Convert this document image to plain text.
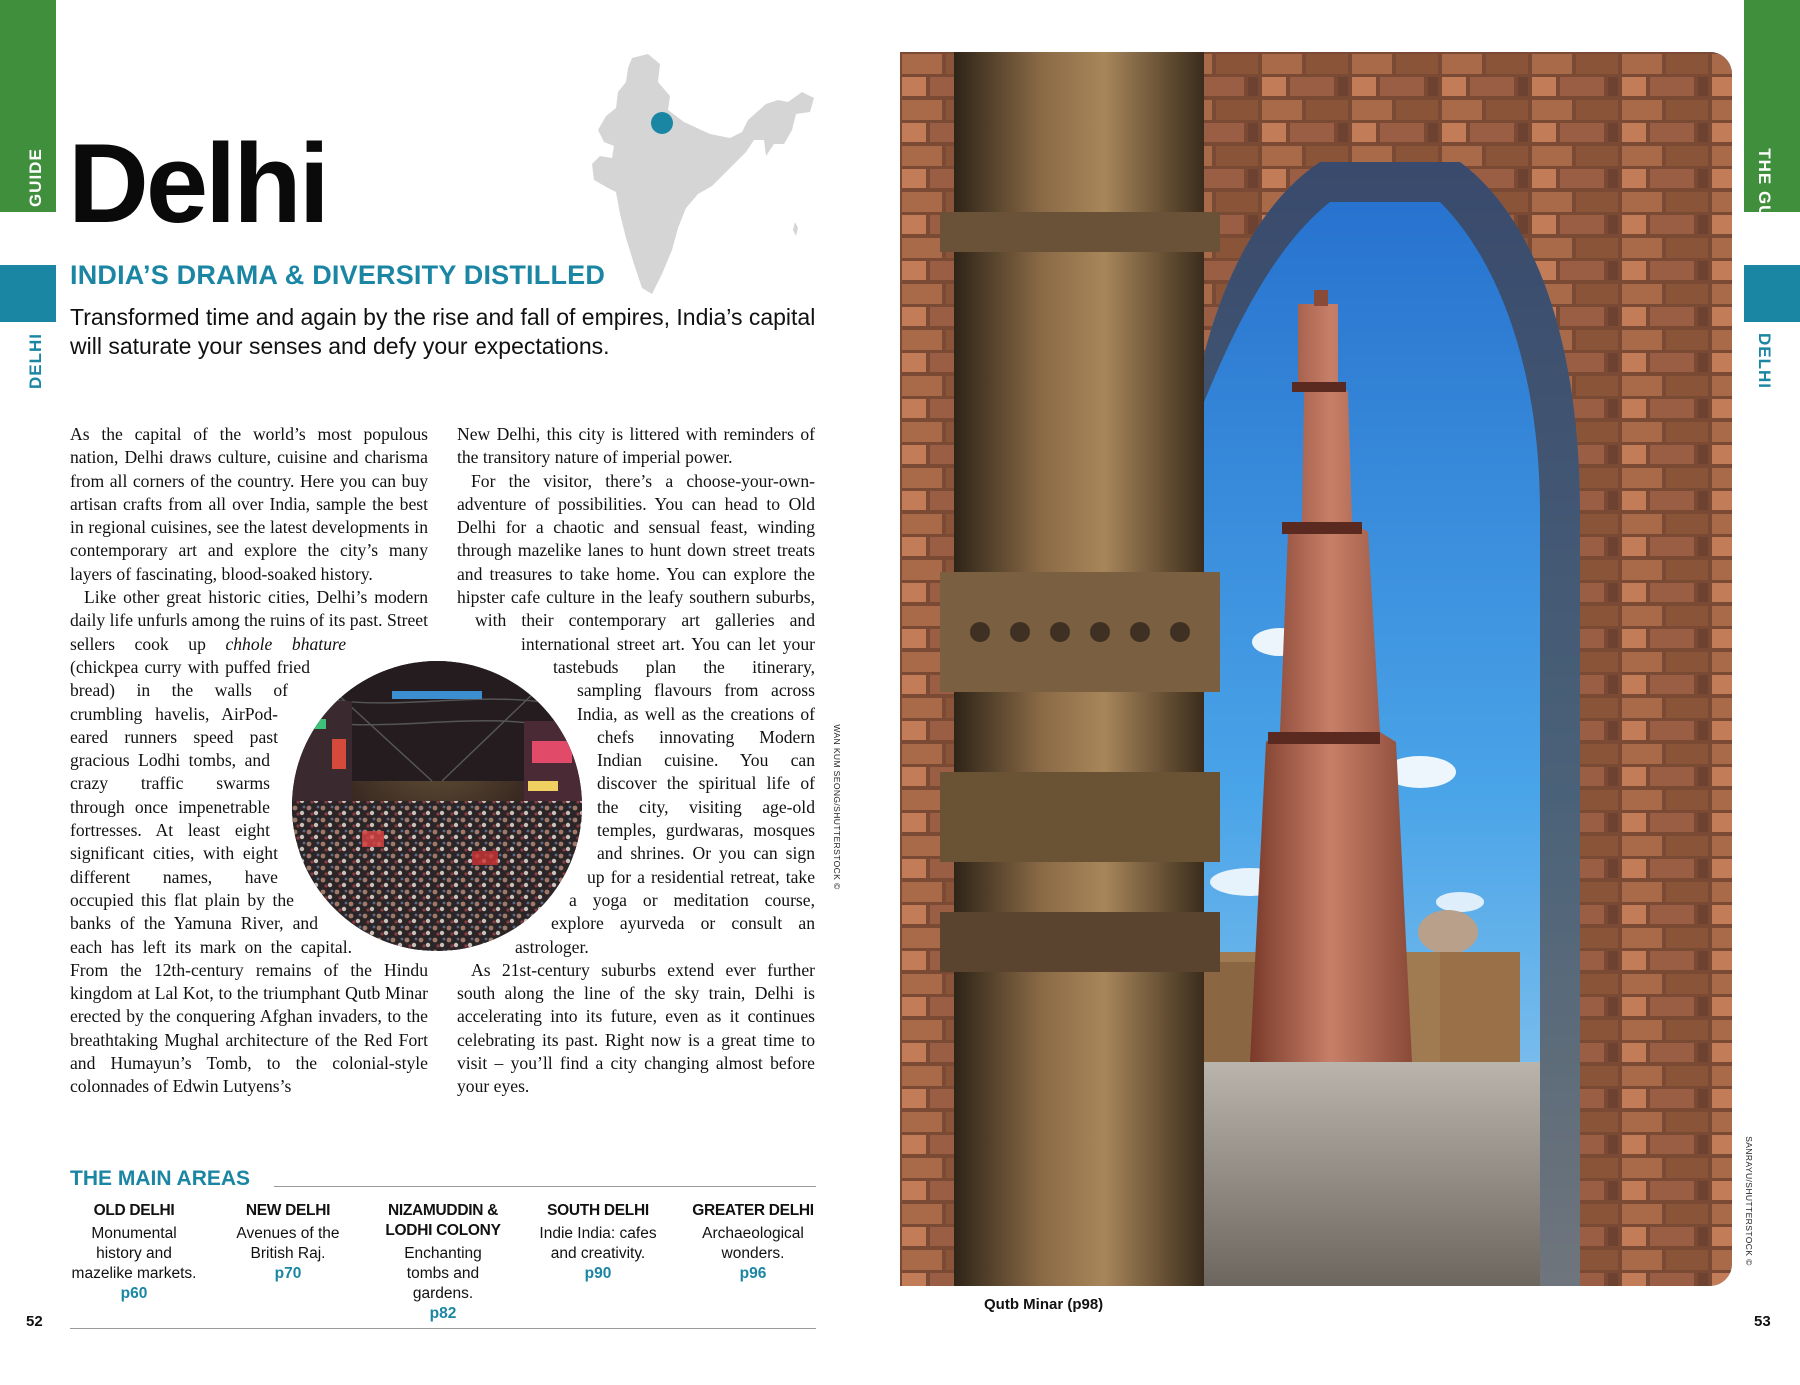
THE GUIDE
DELHI
THE GUIDE
DELHI
Delhi
INDIA’S DRAMA & DIVERSITY DISTILLED
Transformed time and again by the rise and fall of empires, India’s capital will saturate your senses and defy your expectations.
WAN KUM SEONG/SHUTTERSTOCK ©

As the capital of the world’s most populous nation, Delhi draws culture, cuisine and charisma from all corners of the country. Here you can buy artisan crafts from all over India, sample the best in regional cuisines, see the latest developments in contemporary art and explore the city’s many layers of fascinating, blood-soaked history.

Like other great historic cities, Delhi’s modern daily life unfurls among the ruins of its past. Street sellers cook up chhole bhature (chickpea curry with puffed fried bread) in the walls of crumbling havelis, AirPod-eared runners speed past gracious Lodhi tombs, and crazy traffic swarms through once impenetrable fortresses. At least eight significant cities, with eight different names, have occupied this flat plain by the banks of the Yamuna River, and each has left its mark on the capital. From the 12th-century remains of the Hindu kingdom at Lal Kot, to the triumphant Qutb Minar erected by the conquering Afghan invaders, to the breathtaking Mughal architecture of the Red Fort and Humayun’s Tomb, to the colonial-style colonnades of Edwin Lutyens’s

New Delhi, this city is littered with reminders of the transitory nature of imperial power.

For the visitor, there’s a choose-your-own-adventure of possibilities. You can head to Old Delhi for a chaotic and sensual feast, winding through mazelike lanes to hunt down street treats and treasures to take home. You can explore the hipster cafe culture in the leafy southern suburbs, with their contemporary art galleries and international street art. You can let your tastebuds plan the itinerary, sampling flavours from across India, as well as the creations of chefs innovating Modern Indian cuisine. You can discover the spiritual life of the city, visiting age-old temples, gurdwaras, mosques and shrines. Or you can sign up for a residential retreat, take a yoga or meditation course, explore ayurveda or consult an astrologer.

As 21st-century suburbs extend ever further south along the line of the sky train, Delhi is accelerating into its future, even as it continues celebrating its past. Right now is a great time to visit – you’ll find a city changing almost before your eyes.

THE MAIN AREAS
OLD DELHI
Monumental history and mazelike markets.
p60
NEW DELHI
Avenues of the British Raj.
p70
NIZAMUDDIN & LODHI COLONY
Enchanting tombs and gardens. p82
SOUTH DELHI
Indie India: cafes and creativity.
p90
GREATER DELHI
Archaeological wonders.
p96
52	53
SANRAYU/SHUTTERSTOCK ©
Qutb Minar (p98)
